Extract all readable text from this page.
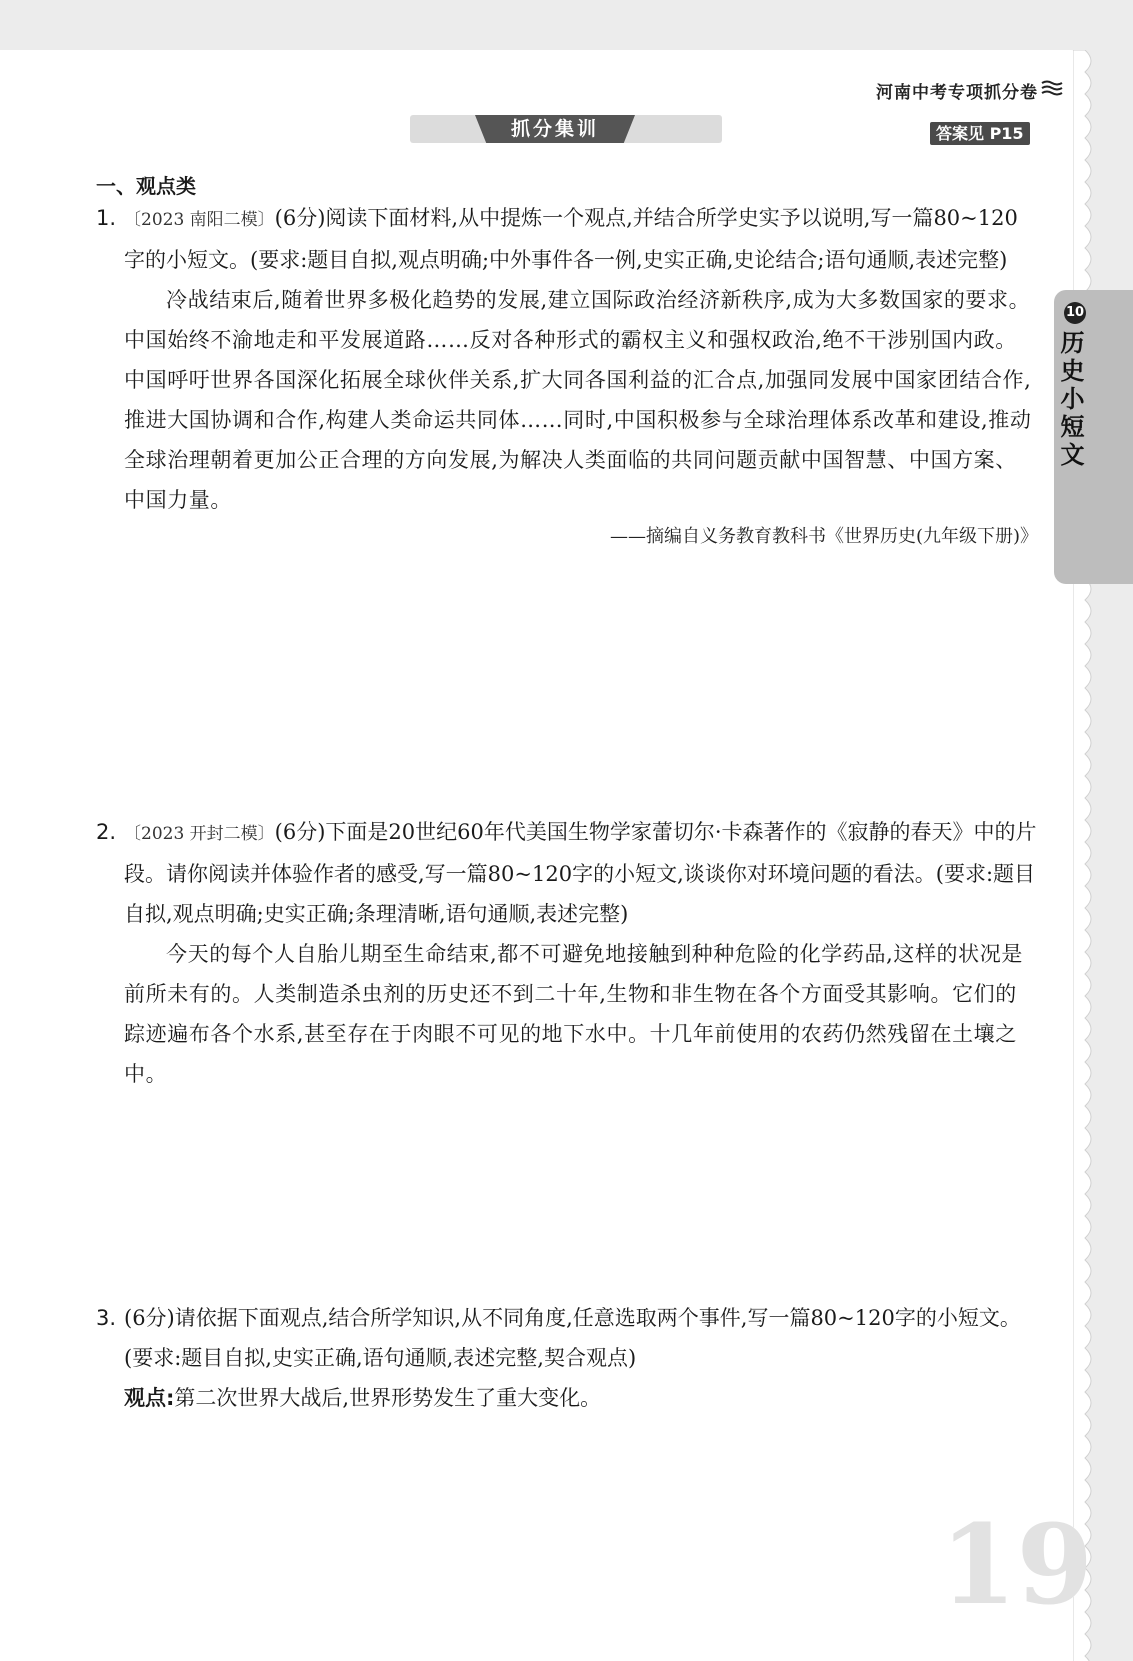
河南中考专项抓分卷
抓分集训	答案见 P15
10
历史小短文
一、观点类
1. 〔2023 南阳二模〕(6分)阅读下面材料,从中提炼一个观点,并结合所学史实予以说明,写一篇80~120字的小短文。(要求:题目自拟,观点明确;中外事件各一例,史实正确,史论结合;语句通顺,表述完整)
冷战结束后,随着世界多极化趋势的发展,建立国际政治经济新秩序,成为大多数国家的要求。中国始终不渝地走和平发展道路……反对各种形式的霸权主义和强权政治,绝不干涉别国内政。中国呼吁世界各国深化拓展全球伙伴关系,扩大同各国利益的汇合点,加强同发展中国家团结合作,推进大国协调和合作,构建人类命运共同体……同时,中国积极参与全球治理体系改革和建设,推动全球治理朝着更加公正合理的方向发展,为解决人类面临的共同问题贡献中国智慧、中国方案、中国力量。
——摘编自义务教育教科书《世界历史(九年级下册)》
2. 〔2023 开封二模〕(6分)下面是20世纪60年代美国生物学家蕾切尔·卡森著作的《寂静的春天》中的片段。请你阅读并体验作者的感受,写一篇80~120字的小短文,谈谈你对环境问题的看法。(要求:题目自拟,观点明确;史实正确;条理清晰,语句通顺,表述完整)
今天的每个人自胎儿期至生命结束,都不可避免地接触到种种危险的化学药品,这样的状况是前所未有的。人类制造杀虫剂的历史还不到二十年,生物和非生物在各个方面受其影响。它们的踪迹遍布各个水系,甚至存在于肉眼不可见的地下水中。十几年前使用的农药仍然残留在土壤之中。
3. (6分)请依据下面观点,结合所学知识,从不同角度,任意选取两个事件,写一篇80~120字的小短文。(要求:题目自拟,史实正确,语句通顺,表述完整,契合观点)
观点:第二次世界大战后,世界形势发生了重大变化。
19
